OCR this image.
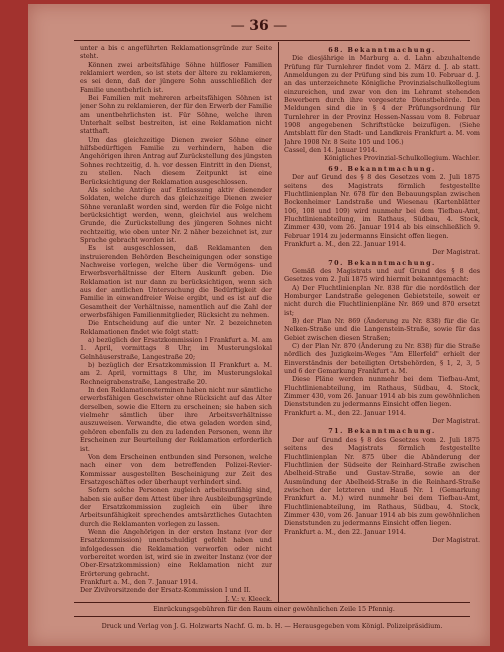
— 36 —

unter a bis c angeführten Reklamationsgründe zur Seite steht.

Können zwei arbeitsfähige Söhne hülfloser Familien reklamiert werden, so ist stets der ältere zu reklamieren, es sei denn, daß der jüngere Sohn ausschließlich der Familie unentbehrlich ist.

Bei Familien mit mehreren arbeitsfähigen Söhnen ist jener Sohn zu reklamieren, der für den Erwerb der Familie am unentbehrlichsten ist. Für Söhne, welche ihren Unterhalt selbst bestreiten, ist eine Reklamation nicht statthaft.

Um das gleichzeitige Dienen zweier Söhne einer hilfsbedürftigen Familie zu verhindern, haben die Angehörigen ihren Antrag auf Zurückstellung des jüngsten Sohnes rechtzeitig, d. h. vor dessen Eintritt in den Dienst, zu stellen. Nach diesem Zeitpunkt ist eine Berücksichtigung der Reklamation ausgeschlossen.

Als solche Anträge auf Entlassung aktiv dienender Soldaten, welche durch das gleichzeitige Dienen zweier Söhne veranlaßt worden sind, werden für die Folge nicht berücksichtigt werden, wenn, gleichviel aus welchem Grunde, die Zurückstellung des jüngeren Sohnes nicht rechtzeitig, wie oben unter Nr. 2 näher bezeichnet ist, zur Sprache gebracht worden ist.

Es ist ausgeschlossen, daß Reklamanten den instruierenden Behörden Bescheinigungen oder sonstige Nachweise vorlegen, welche über die Vermögens- und Erwerbsverhältnisse der Eltern Auskunft geben. Die Reklamation ist nur dann zu berücksichtigen, wenn sich aus der amtlichen Untersuchung die Bedürftigkeit der Familie in einwandfreier Weise ergibt, und es ist auf die Gesamtheit der Verhältnisse, namentlich auf die Zahl der erwerbsfähigen Familienmitglieder, Rücksicht zu nehmen.

Die Entscheidung auf die unter Nr. 2 bezeichneten Reklamationen findet wie folgt statt:

a) bezüglich der Ersatzkommission I Frankfurt a. M. am 1. April, vormittags 8 Uhr, im Musterungslokal Gelnhäuserstraße, Langestraße 20;

b) bezüglich der Ersatzkommission II Frankfurt a. M. am 2. April, vormittags 8 Uhr, im Musterungslokal Rechneigrabenstraße, Langestraße 20.

In den Reklamationsterminen haben nicht nur sämtliche erwerbsfähigen Geschwister ohne Rücksicht auf das Alter derselben, sowie die Eltern zu erscheinen; sie haben sich vielmehr sämtlich über ihre Arbeitsverhältnisse auszuweisen. Verwandte, die etwa geladen worden sind, gehören ebenfalls zu den zu ladenden Personen, wenn ihr Erscheinen zur Beurteilung der Reklamation erforderlich ist.

Von dem Erscheinen entbunden sind Personen, welche nach einer von dem betreffenden Polizei-Revier-Kommissar ausgestellten Bescheinigung zur Zeit des Ersatzgeschäftes oder überhaupt verhindert sind.

Sofern solche Personen zugleich arbeitsunfähig sind, haben sie außer dem Attest über ihre Ausbleibungsgründe der Ersatzkommission zugleich ein über ihre Arbeitsunfähigkeit sprechendes amtsärztliches Gutachten durch die Reklamanten vorlegen zu lassen.

Wenn die Angehörigen in der ersten Instanz (vor der Ersatzkommission) unentschuldigt gefehlt haben und infolgedessen die Reklamation verworfen oder nicht vorbereitet worden ist, wird sie in zweiter Instanz (vor der Ober-Ersatzkommission) eine Reklamation nicht zur Erörterung gebracht.

Frankfurt a. M., den 7. Januar 1914.

Der Zivilvorsitzende der Ersatz-Kommission I und II.

J. V.: v. Kleeck.

68. Bekanntmachung.

Die diesjährige in Marburg a. d. Lahn abzuhaltende Prüfung für Turnlehrer findet vom 2. März d. J. ab statt. Anmeldungen zu der Prüfung sind bis zum 10. Februar d. J. an das unterzeichnete Königliche Provinzialschulkollegium einzureichen, und zwar von den im Lehramt stehenden Bewerbern durch ihre vorgesetzte Dienstbehörde. Den Meldungen sind die in § 4 der Prüfungsordnung für Turnlehrer in der Provinz Hessen-Nassau vom 8. Februar 1908 angegebenen Schriftstücke beizufügen. (Siehe Amtsblatt für den Stadt- und Landkreis Frankfurt a. M. vom Jahre 1908 Nr. 8 Seite 105 und 106.)

Cassel, den 14. Januar 1914.

Königliches Provinzial-Schulkollegium. Wachler.

69. Bekanntmachung.

Der auf Grund des § 8 des Gesetzes vom 2. Juli 1875 seitens des Magistrats förmlich festgestellte Fluchtlinienplan Nr. 678 für den Bebauungsplan zwischen Bockenheimer Landstraße und Wiesenau (Kartenblätter 106, 108 und 109) wird nunmehr bei dem Tiefbau-Amt, Fluchtlinienabteilung, im Rathaus, Südbau, 4. Stock, Zimmer 430, vom 26. Januar 1914 ab bis einschließlich 9. Februar 1914 zu jedermanns Einsicht offen liegen.

Frankfurt a. M., den 22. Januar 1914.

Der Magistrat.

70. Bekanntmachung.

Gemäß des Magistrats und auf Grund des § 8 des Gesetzes vom 2. Juli 1875 wird hiermit bekanntgemacht:

A) Der Fluchtlinienplan Nr. 838 für die nordöstlich der Homburger Landstraße gelegenen Gebietsteile, soweit er nicht durch die Fluchtlinienpläne Nr. 869 und 870 ersetzt ist;

B) der Plan Nr. 869 (Änderung zu Nr. 838) für die Gr. Nelken-Straße und die Langenstein-Straße, sowie für das Gebiet zwischen diesen Straßen;

C) der Plan Nr. 870 (Änderung zu Nr. 838) für die Straße nördlich des Juzigkeim-Weges "Am Ellerfeld" erhielt der Einverständnis der beteiligten Ortsbehörden, § 1, 2, 3, 5 und 6 der Gemarkung Frankfurt a. M.

Diese Pläne werden nunmehr bei dem Tiefbau-Amt, Fluchtlinienabteilung, im Rathaus, Südbau, 4. Stock, Zimmer 430, vom 26. Januar 1914 ab bis zum gewöhnlichen Dienststunden zu jedermanns Einsicht offen liegen.

Frankfurt a. M., den 22. Januar 1914.

Der Magistrat.

71. Bekanntmachung.

Der auf Grund des § 8 des Gesetzes vom 2. Juli 1875 seitens des Magistrats förmlich festgestellte Fluchtlinienplan Nr. 875 über die Abänderung der Fluchtlinien der Südseite der Reinhard-Straße zwischen Abelheid-Straße und Gustav-Straße, sowie an der Ausmündung der Abelheid-Straße in die Reinhard-Straße zwischen der letzteren und Hauß Nr. 1 (Gemarkung Frankfurt a. M.) wird nunmehr bei dem Tiefbau-Amt, Fluchtlinienabteilung, im Rathaus, Südbau, 4. Stock, Zimmer 430, vom 26. Januar 1914 ab bis zum gewöhnlichen Dienststunden zu jedermanns Einsicht offen liegen.

Frankfurt a. M., den 22. Januar 1914.

Der Magistrat.

Einrückungsgebühren für den Raum einer gewöhnlichen Zeile 15 Pfennig.
Druck und Verlag von J. G. Holzwarts Nachf. G. m. b. H. — Herausgegeben vom Königl. Polizeipräsidium.
